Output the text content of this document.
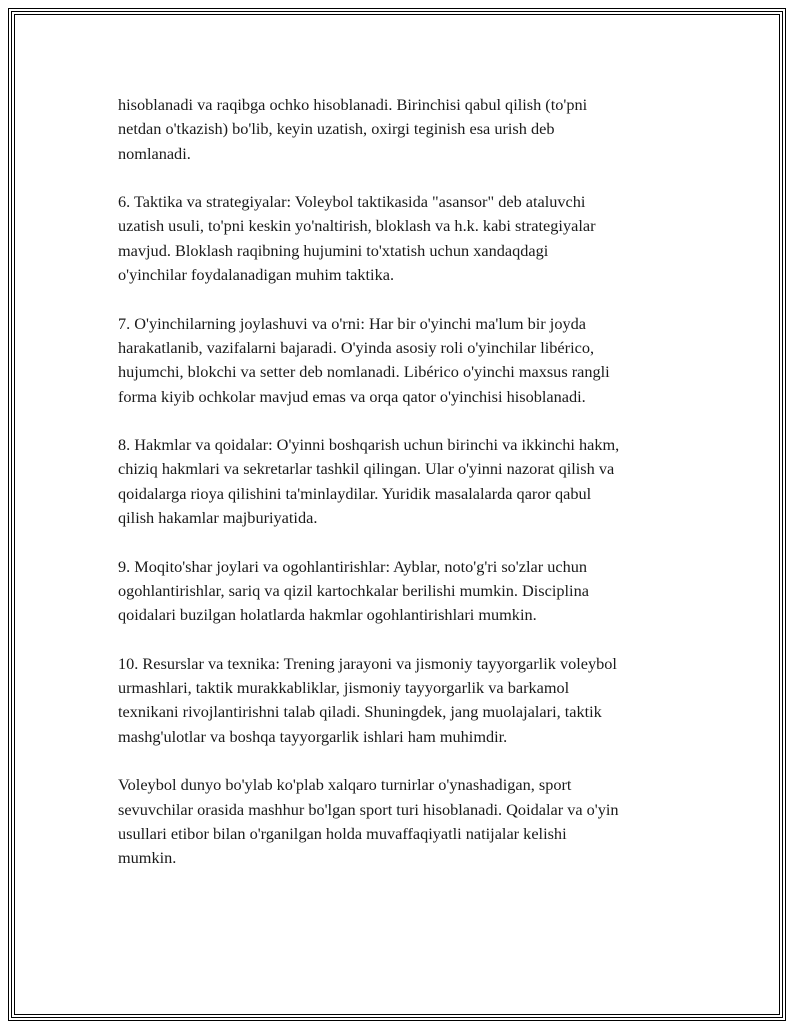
hisoblanadi va raqibga ochko hisoblanadi. Birinchisi qabul qilish (to'pni
netdan o'tkazish) bo'lib, keyin uzatish, oxirgi teginish esa urish deb
nomlanadi.

6. Taktika va strategiyalar: Voleybol taktikasida "asansor" deb ataluvchi
uzatish usuli, to'pni keskin yo'naltirish, bloklash va h.k. kabi strategiyalar
mavjud. Bloklash raqibning hujumini to'xtatish uchun xandaqdagi
o'yinchilar foydalanadigan muhim taktika.

7. O'yinchilarning joylashuvi va o'rni: Har bir o'yinchi ma'lum bir joyda
harakatlanib, vazifalarni bajaradi. O'yinda asosiy roli o'yinchilar libérico,
hujumchi, blokchi va setter deb nomlanadi. Libérico o'yinchi maxsus rangli
forma kiyib ochkolar mavjud emas va orqa qator o'yinchisi hisoblanadi.

8. Hakmlar va qoidalar: O'yinni boshqarish uchun birinchi va ikkinchi hakm,
chiziq hakmlari va sekretarlar tashkil qilingan. Ular o'yinni nazorat qilish va
qoidalarga rioya qilishini ta'minlaydilar. Yuridik masalalarda qaror qabul
qilish hakamlar majburiyatida.

9. Moqito'shar joylari va ogohlantirishlar: Ayblar, noto'g'ri so'zlar uchun
ogohlantirishlar, sariq va qizil kartochkalar berilishi mumkin. Disciplina
qoidalari buzilgan holatlarda hakmlar ogohlantirishlari mumkin.

10. Resurslar va texnika: Trening jarayoni va jismoniy tayyorgarlik voleybol
urmashlari, taktik murakkabliklar, jismoniy tayyorgarlik va barkamol
texnikani rivojlantirishni talab qiladi. Shuningdek, jang muolajalari, taktik
mashg'ulotlar va boshqa tayyorgarlik ishlari ham muhimdir.

Voleybol dunyo bo'ylab ko'plab xalqaro turnirlar o'ynashadigan, sport
sevuvchilar orasida mashhur bo'lgan sport turi hisoblanadi. Qoidalar va o'yin
usullari etibor bilan o'rganilgan holda muvaffaqiyatli natijalar kelishi
mumkin.
